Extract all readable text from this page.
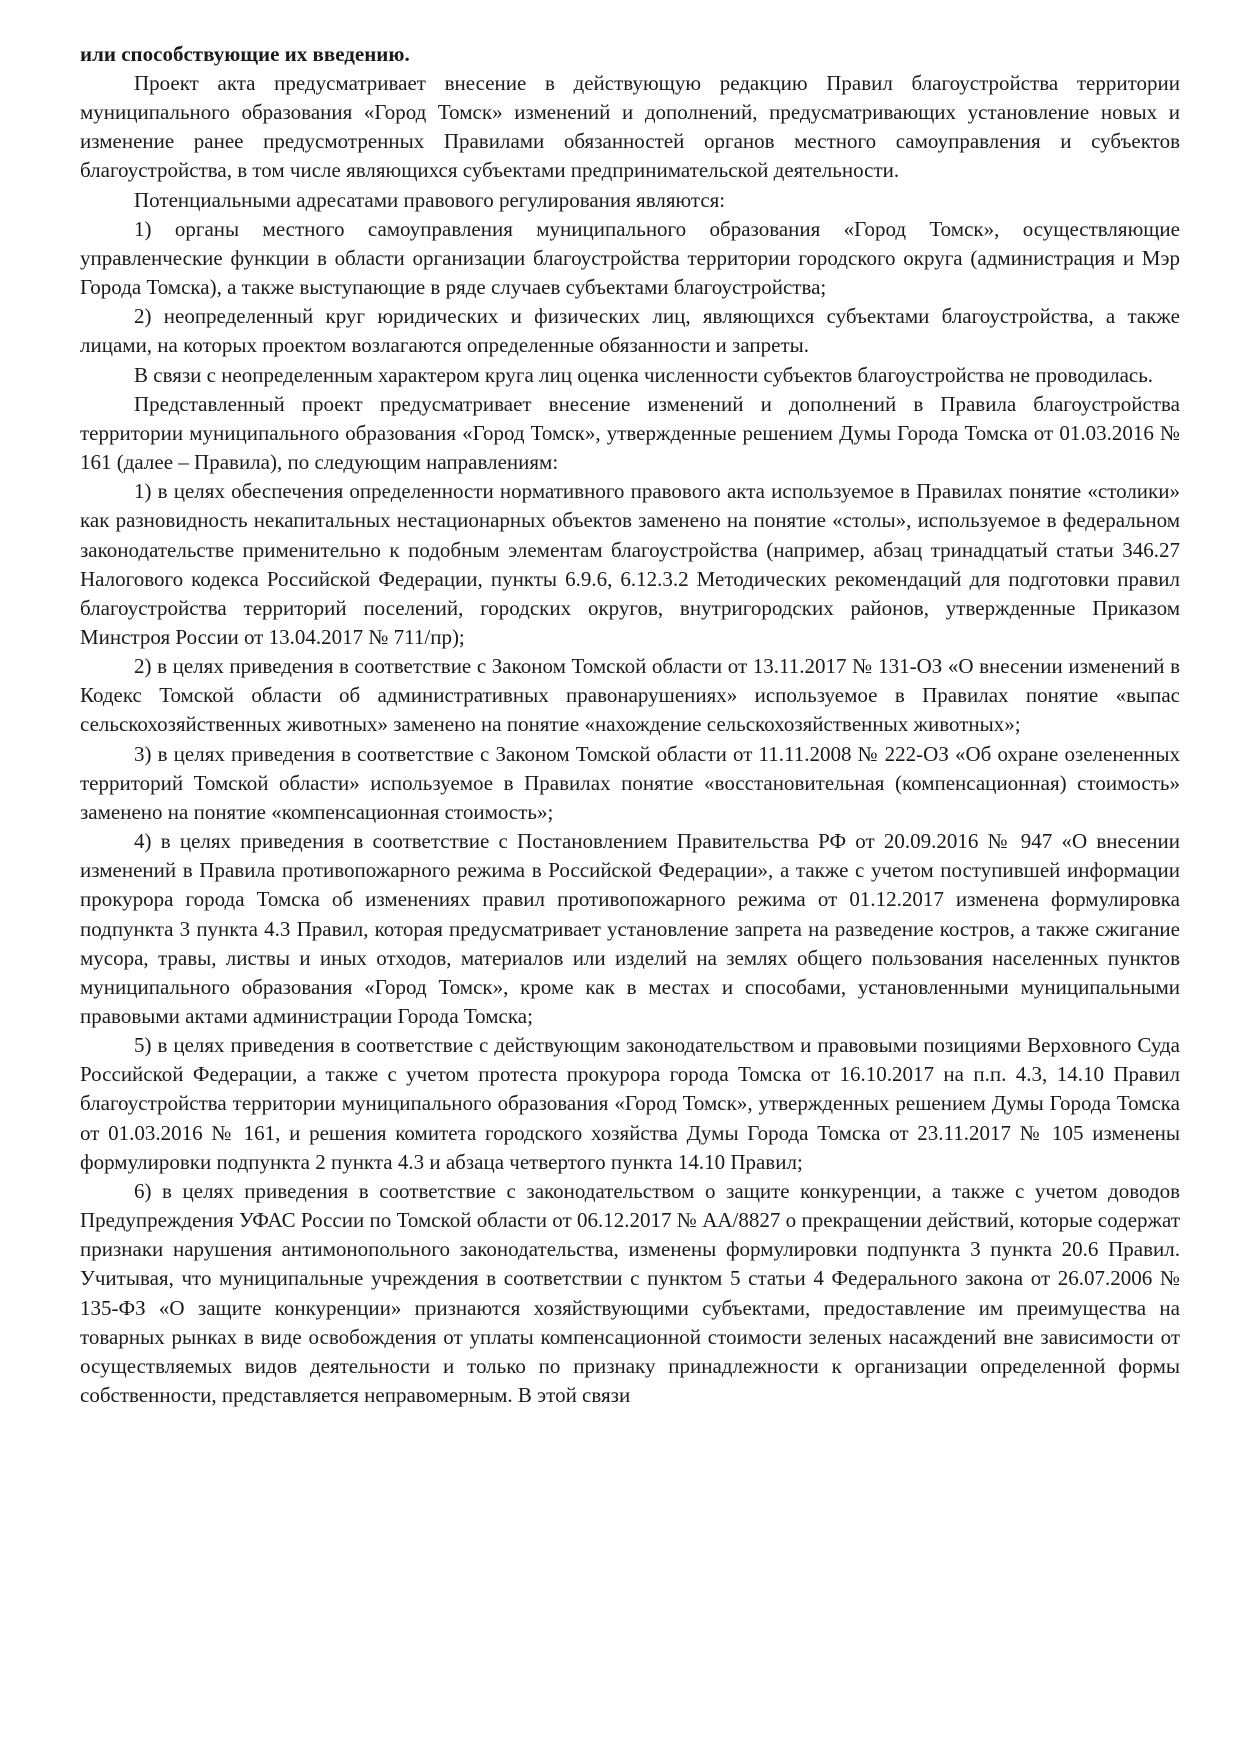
или способствующие их введению.

Проект акта предусматривает внесение в действующую редакцию Правил благоустройства территории муниципального образования «Город Томск» изменений и дополнений, предусматривающих установление новых и изменение ранее предусмотренных Правилами обязанностей органов местного самоуправления и субъектов благоустройства, в том числе являющихся субъектами предпринимательской деятельности.

Потенциальными адресатами правового регулирования являются:

1) органы местного самоуправления муниципального образования «Город Томск», осуществляющие управленческие функции в области организации благоустройства территории городского округа (администрация и Мэр Города Томска), а также выступающие в ряде случаев субъектами благоустройства;

2) неопределенный круг юридических и физических лиц, являющихся субъектами благоустройства, а также лицами, на которых проектом возлагаются определенные обязанности и запреты.

В связи с неопределенным характером круга лиц оценка численности субъектов благоустройства не проводилась.

Представленный проект предусматривает внесение изменений и дополнений в Правила благоустройства территории муниципального образования «Город Томск», утвержденные решением Думы Города Томска от 01.03.2016 № 161 (далее – Правила), по следующим направлениям:

1) в целях обеспечения определенности нормативного правового акта используемое в Правилах понятие «столики» как разновидность некапитальных нестационарных объектов заменено на понятие «столы», используемое в федеральном законодательстве применительно к подобным элементам благоустройства (например, абзац тринадцатый статьи 346.27 Налогового кодекса Российской Федерации, пункты 6.9.6, 6.12.3.2 Методических рекомендаций для подготовки правил благоустройства территорий поселений, городских округов, внутригородских районов, утвержденные Приказом Минстроя России от 13.04.2017 № 711/пр);

2) в целях приведения в соответствие с Законом Томской области от 13.11.2017 № 131-ОЗ «О внесении изменений в Кодекс Томской области об административных правонарушениях» используемое в Правилах понятие «выпас сельскохозяйственных животных» заменено на понятие «нахождение сельскохозяйственных животных»;

3) в целях приведения в соответствие с Законом Томской области от 11.11.2008 № 222-ОЗ «Об охране озелененных территорий Томской области» используемое в Правилах понятие «восстановительная (компенсационная) стоимость» заменено на понятие «компенсационная стоимость»;

4) в целях приведения в соответствие с Постановлением Правительства РФ от 20.09.2016 № 947 «О внесении изменений в Правила противопожарного режима в Российской Федерации», а также с учетом поступившей информации прокурора города Томска об изменениях правил противопожарного режима от 01.12.2017 изменена формулировка подпункта 3 пункта 4.3 Правил, которая предусматривает установление запрета на разведение костров, а также сжигание мусора, травы, листвы и иных отходов, материалов или изделий на землях общего пользования населенных пунктов муниципального образования «Город Томск», кроме как в местах и способами, установленными муниципальными правовыми актами администрации Города Томска;

5) в целях приведения в соответствие с действующим законодательством и правовыми позициями Верховного Суда Российской Федерации, а также с учетом протеста прокурора города Томска от 16.10.2017 на п.п. 4.3, 14.10 Правил благоустройства территории муниципального образования «Город Томск», утвержденных решением Думы Города Томска от 01.03.2016 № 161, и решения комитета городского хозяйства Думы Города Томска от 23.11.2017 № 105 изменены формулировки подпункта 2 пункта 4.3 и абзаца четвертого пункта 14.10 Правил;

6) в целях приведения в соответствие с законодательством о защите конкуренции, а также с учетом доводов Предупреждения УФАС России по Томской области от 06.12.2017 № АА/8827 о прекращении действий, которые содержат признаки нарушения антимонопольного законодательства, изменены формулировки подпункта 3 пункта 20.6 Правил. Учитывая, что муниципальные учреждения в соответствии с пунктом 5 статьи 4 Федерального закона от 26.07.2006 № 135-ФЗ «О защите конкуренции» признаются хозяйствующими субъектами, предоставление им преимущества на товарных рынках в виде освобождения от уплаты компенсационной стоимости зеленых насаждений вне зависимости от осуществляемых видов деятельности и только по признаку принадлежности к организации определенной формы собственности, представляется неправомерным. В этой связи
